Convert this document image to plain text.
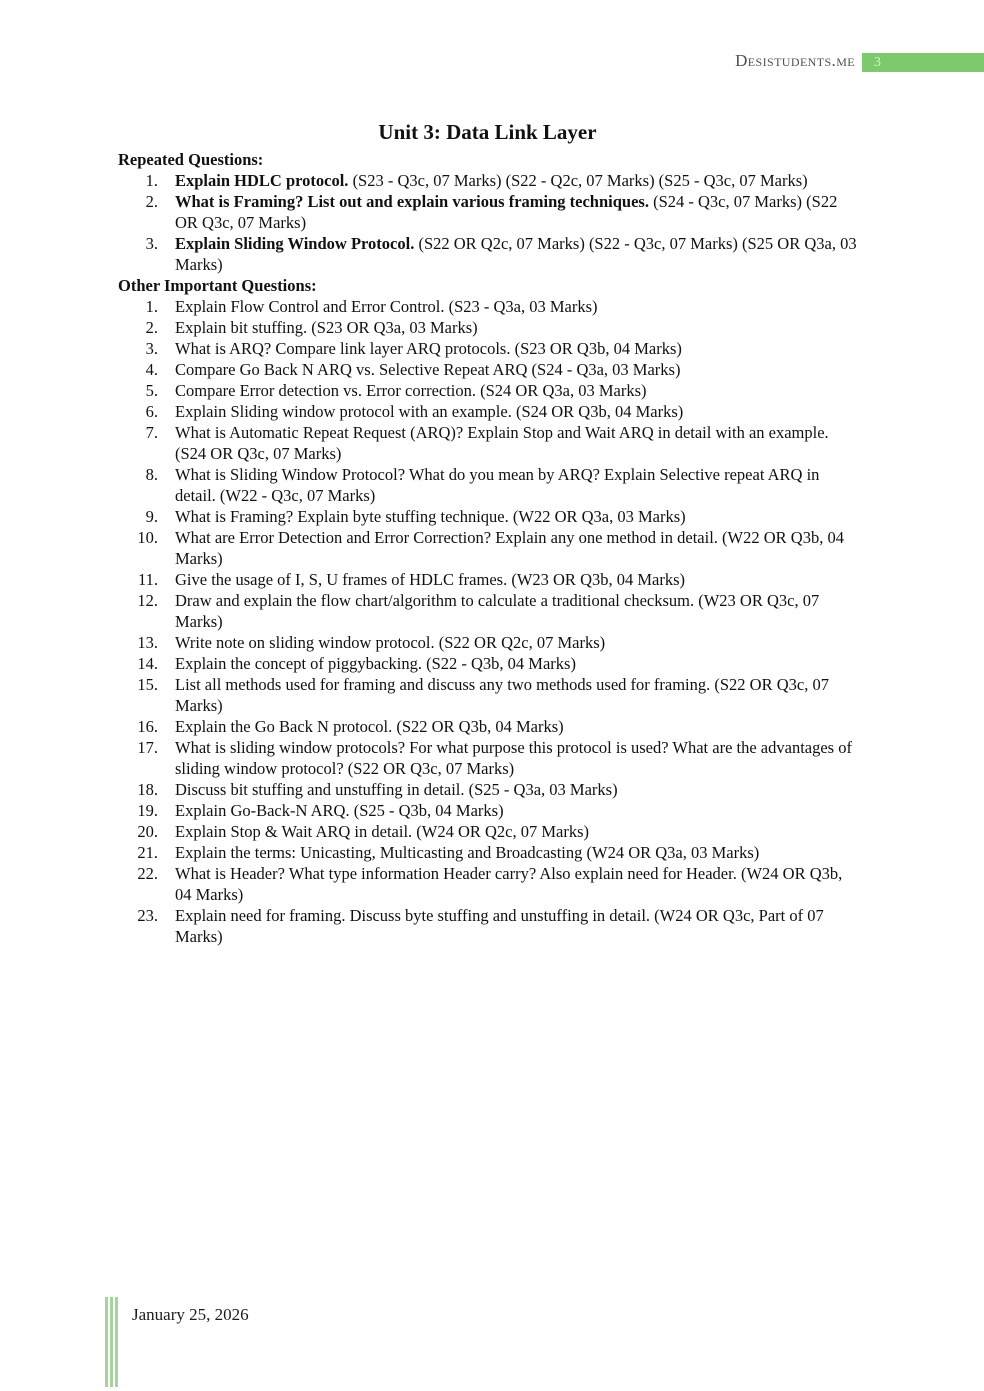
Desistudents.me	3
Unit 3: Data Link Layer
Repeated Questions:
1. Explain HDLC protocol. (S23 - Q3c, 07 Marks) (S22 - Q2c, 07 Marks) (S25 - Q3c, 07 Marks)
2. What is Framing? List out and explain various framing techniques. (S24 - Q3c, 07 Marks) (S22 OR Q3c, 07 Marks)
3. Explain Sliding Window Protocol. (S22 OR Q2c, 07 Marks) (S22 - Q3c, 07 Marks) (S25 OR Q3a, 03 Marks)
Other Important Questions:
1. Explain Flow Control and Error Control. (S23 - Q3a, 03 Marks)
2. Explain bit stuffing. (S23 OR Q3a, 03 Marks)
3. What is ARQ? Compare link layer ARQ protocols. (S23 OR Q3b, 04 Marks)
4. Compare Go Back N ARQ vs. Selective Repeat ARQ (S24 - Q3a, 03 Marks)
5. Compare Error detection vs. Error correction. (S24 OR Q3a, 03 Marks)
6. Explain Sliding window protocol with an example. (S24 OR Q3b, 04 Marks)
7. What is Automatic Repeat Request (ARQ)? Explain Stop and Wait ARQ in detail with an example. (S24 OR Q3c, 07 Marks)
8. What is Sliding Window Protocol? What do you mean by ARQ? Explain Selective repeat ARQ in detail. (W22 - Q3c, 07 Marks)
9. What is Framing? Explain byte stuffing technique. (W22 OR Q3a, 03 Marks)
10. What are Error Detection and Error Correction? Explain any one method in detail. (W22 OR Q3b, 04 Marks)
11. Give the usage of I, S, U frames of HDLC frames. (W23 OR Q3b, 04 Marks)
12. Draw and explain the flow chart/algorithm to calculate a traditional checksum. (W23 OR Q3c, 07 Marks)
13. Write note on sliding window protocol. (S22 OR Q2c, 07 Marks)
14. Explain the concept of piggybacking. (S22 - Q3b, 04 Marks)
15. List all methods used for framing and discuss any two methods used for framing. (S22 OR Q3c, 07 Marks)
16. Explain the Go Back N protocol. (S22 OR Q3b, 04 Marks)
17. What is sliding window protocols? For what purpose this protocol is used? What are the advantages of sliding window protocol? (S22 OR Q3c, 07 Marks)
18. Discuss bit stuffing and unstuffing in detail. (S25 - Q3a, 03 Marks)
19. Explain Go-Back-N ARQ. (S25 - Q3b, 04 Marks)
20. Explain Stop & Wait ARQ in detail. (W24 OR Q2c, 07 Marks)
21. Explain the terms: Unicasting, Multicasting and Broadcasting (W24 OR Q3a, 03 Marks)
22. What is Header? What type information Header carry? Also explain need for Header. (W24 OR Q3b, 04 Marks)
23. Explain need for framing. Discuss byte stuffing and unstuffing in detail. (W24 OR Q3c, Part of 07 Marks)
January 25, 2026
